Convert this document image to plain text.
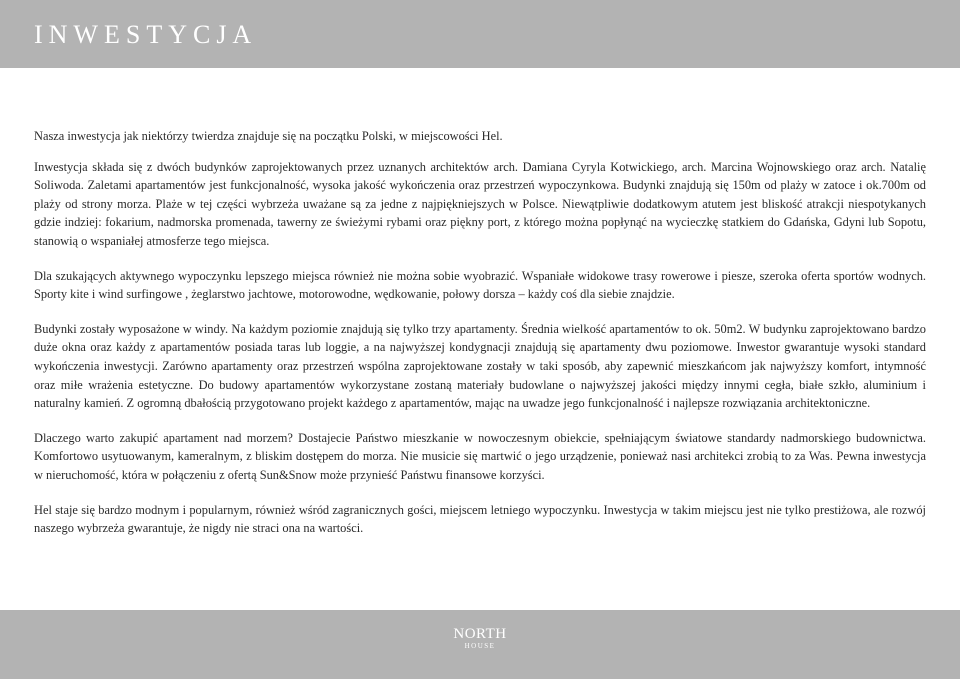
INWESTYCJA

Nasza inwestycja jak niektórzy twierdza znajduje się na początku Polski, w miejscowości Hel.

Inwestycja składa się z dwóch budynków zaprojektowanych przez uznanych architektów arch. Damiana Cyryla Kotwickiego, arch. Marcina Wojnowskiego oraz arch. Natalię Soliwoda. Zaletami apartamentów jest funkcjonalność, wysoka jakość wykończenia oraz przestrzeń wypoczynkowa. Budynki znajdują się 150m od plaży w zatoce i ok.700m od plaży od strony morza. Plaże w tej części wybrzeża uważane są za jedne z najpiękniejszych w Polsce. Niewątpliwie dodatkowym atutem jest bliskość atrakcji niespotykanych gdzie indziej: fokarium, nadmorska promenada, tawerny ze świeżymi rybami oraz piękny port, z którego można popłynąć na wycieczkę statkiem do Gdańska, Gdyni lub Sopotu, stanowią o wspaniałej atmosferze tego miejsca.

Dla szukających aktywnego wypoczynku lepszego miejsca również nie można sobie wyobrazić. Wspaniałe widokowe trasy rowerowe i piesze, szeroka oferta sportów wodnych. Sporty kite i wind surfingowe , żeglarstwo jachtowe, motorowodne, wędkowanie, połowy dorsza – każdy coś dla siebie znajdzie.

Budynki zostały wyposażone w windy. Na każdym poziomie znajdują się tylko trzy apartamenty. Średnia wielkość apartamentów to ok. 50m2. W budynku zaprojektowano bardzo duże okna oraz każdy z apartamentów posiada taras lub loggie, a na najwyższej kondygnacji znajdują się apartamenty dwu poziomowe. Inwestor gwarantuje wysoki standard wykończenia inwestycji. Zarówno apartamenty oraz przestrzeń wspólna zaprojektowane zostały w taki sposób, aby zapewnić mieszkańcom jak najwyższy komfort, intymność oraz miłe wrażenia estetyczne. Do budowy apartamentów wykorzystane zostaną materiały budowlane o najwyższej jakości między innymi cegła, białe szkło, aluminium i naturalny kamień. Z ogromną dbałością przygotowano projekt każdego z apartamentów, mając na uwadze jego funkcjonalność i najlepsze rozwiązania architektoniczne.

Dlaczego warto zakupić apartament nad morzem? Dostajecie Państwo mieszkanie w nowoczesnym obiekcie, spełniającym światowe standardy nadmorskiego budownictwa. Komfortowo usytuowanym, kameralnym, z bliskim dostępem do morza. Nie musicie się martwić o jego urządzenie, ponieważ nasi architekci zrobią to za Was. Pewna inwestycja w nieruchomość, która w połączeniu z ofertą Sun&Snow może przynieść Państwu finansowe korzyści.

Hel staje się bardzo modnym i popularnym, również wśród zagranicznych gości, miejscem letniego wypoczynku. Inwestycja w takim miejscu jest nie tylko prestiżowa, ale rozwój naszego wybrzeża gwarantuje, że nigdy nie straci ona na wartości.

NORTH
HOUSE
